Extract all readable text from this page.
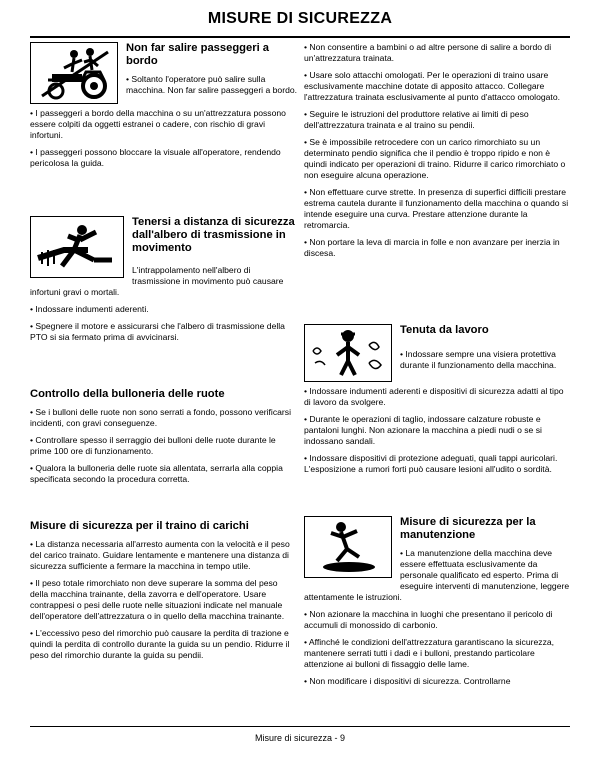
MISURE DI SICUREZZA
Non far salire passeggeri a bordo

• Soltanto l'operatore può salire sulla macchina. Non far salire passeggeri a bordo.

• I passeggeri a bordo della macchina o su un'attrezzatura possono essere colpiti da oggetti estranei o cadere, con rischio di gravi infortuni.

• I passeggeri possono bloccare la visuale all'operatore, rendendo pericolosa la guida.

Tenersi a distanza di sicurezza dall'albero di trasmissione in movimento

L'intrappolamento nell'albero di trasmissione in movimento può causare infortuni gravi o mortali.

• Indossare indumenti aderenti.

• Spegnere il motore e assicurarsi che l'albero di trasmissione della PTO si sia fermato prima di avvicinarsi.

Controllo della bulloneria delle ruote

• Se i bulloni delle ruote non sono serrati a fondo, possono verificarsi incidenti, con gravi conseguenze.

• Controllare spesso il serraggio dei bulloni delle ruote durante le prime 100 ore di funzionamento.

• Qualora la bulloneria delle ruote sia allentata, serrarla alla coppia specificata secondo la procedura corretta.

Misure di sicurezza per il traino di carichi

• La distanza necessaria all'arresto aumenta con la velocità e il peso del carico trainato. Guidare lentamente e mantenere una distanza di sicurezza sufficiente a fermare la macchina in tempo utile.

• Il peso totale rimorchiato non deve superare la somma del peso della macchina trainante, della zavorra e dell'operatore. Usare contrappesi o pesi delle ruote nelle situazioni indicate nel manuale dell'operatore dell'attrezzatura o in quello della macchina trainante.

• L'eccessivo peso del rimorchio può causare la perdita di trazione e quindi la perdita di controllo durante la guida su un pendio. Ridurre il peso del rimorchio durante la guida su pendii.

• Non consentire a bambini o ad altre persone di salire a bordo di un'attrezzatura trainata.

• Usare solo attacchi omologati. Per le operazioni di traino usare esclusivamente macchine dotate di apposito attacco. Collegare l'attrezzatura trainata esclusivamente al punto d'attacco omologato.

• Seguire le istruzioni del produttore relative ai limiti di peso dell'attrezzatura trainata e al traino su pendii.

• Se è impossibile retrocedere con un carico rimorchiato su un determinato pendio significa che il pendio è troppo ripido e non è quindi indicato per operazioni di traino. Ridurre il carico rimorchiato o non eseguire alcuna operazione.

• Non effettuare curve strette. In presenza di superfici difficili prestare estrema cautela durante il funzionamento della macchina o quando si intende eseguire una curva. Prestare attenzione durante la retromarcia.

• Non portare la leva di marcia in folle e non avanzare per inerzia in discesa.

Tenuta da lavoro

• Indossare sempre una visiera protettiva durante il funzionamento della macchina.

• Indossare indumenti aderenti e dispositivi di sicurezza adatti al tipo di lavoro da svolgere.

• Durante le operazioni di taglio, indossare calzature robuste e pantaloni lunghi. Non azionare la macchina a piedi nudi o se si indossano sandali.

• Indossare dispositivi di protezione adeguati, quali tappi auricolari. L'esposizione a rumori forti può causare lesioni all'udito o sordità.

Misure di sicurezza per la manutenzione

• La manutenzione della macchina deve essere effettuata esclusivamente da personale qualificato ed esperto. Prima di eseguire interventi di manutenzione, leggere attentamente le istruzioni.

• Non azionare la macchina in luoghi che presentano il pericolo di accumuli di monossido di carbonio.

• Affinché le condizioni dell'attrezzatura garantiscano la sicurezza, mantenere serrati tutti i dadi e i bulloni, prestando particolare attenzione ai bulloni di fissaggio delle lame.

• Non modificare i dispositivi di sicurezza. Controllarne

Misure di sicurezza - 9
